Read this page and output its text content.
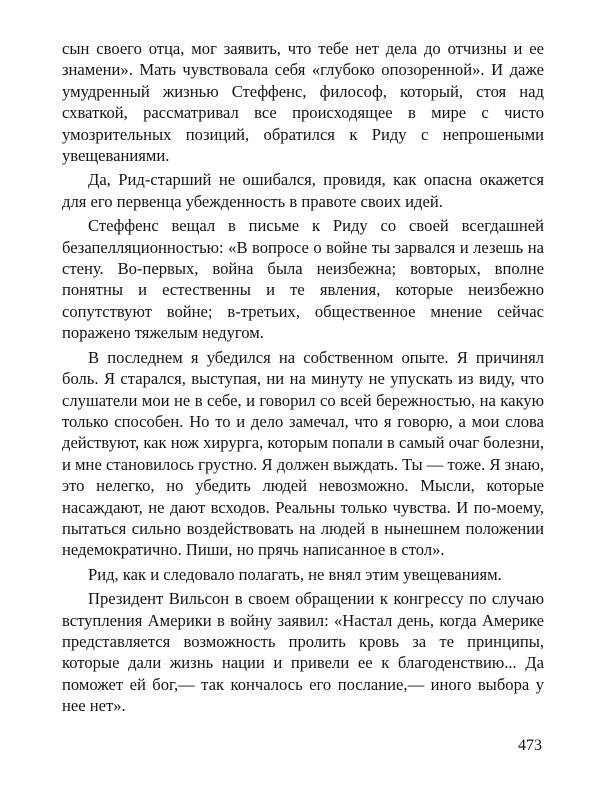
сын своего отца, мог заявить, что тебе нет дела до отчизны и ее знамени». Мать чувствовала себя «глубоко опозоренной». И даже умудренный жизнью Стеффенс, философ, который, стоя над схваткой, рассматривал все происходящее в мире с чисто умозрительных позиций, обратился к Риду с непрошеными увещеваниями.

Да, Рид-старший не ошибался, провидя, как опасна окажется для его первенца убежденность в правоте своих идей.

Стеффенс вещал в письме к Риду со своей всегдашней безапелляционностью: «В вопросе о войне ты зарвался и лезешь на стену. Во-первых, война была неизбежна; вовторых, вполне понятны и естественны и те явления, которые неизбежно сопутствуют войне; в-третьих, общественное мнение сейчас поражено тяжелым недугом.

В последнем я убедился на собственном опыте. Я причинял боль. Я старался, выступая, ни на минуту не упускать из виду, что слушатели мои не в себе, и говорил со всей бережностью, на какую только способен. Но то и дело замечал, что я говорю, а мои слова действуют, как нож хирурга, которым попали в самый очаг болезни, и мне становилось грустно. Я должен выждать. Ты — тоже. Я знаю, это нелегко, но убедить людей невозможно. Мысли, которые насаждают, не дают всходов. Реальны только чувства. И по-моему, пытаться сильно воздействовать на людей в нынешнем положении недемократично. Пиши, но прячь написанное в стол».

Рид, как и следовало полагать, не внял этим увещеваниям.

Президент Вильсон в своем обращении к конгрессу по случаю вступления Америки в войну заявил: «Настал день, когда Америке представляется возможность пролить кровь за те принципы, которые дали жизнь нации и привели ее к благоденствию... Да поможет ей бог,— так кончалось его послание,— иного выбора у нее нет».

473
